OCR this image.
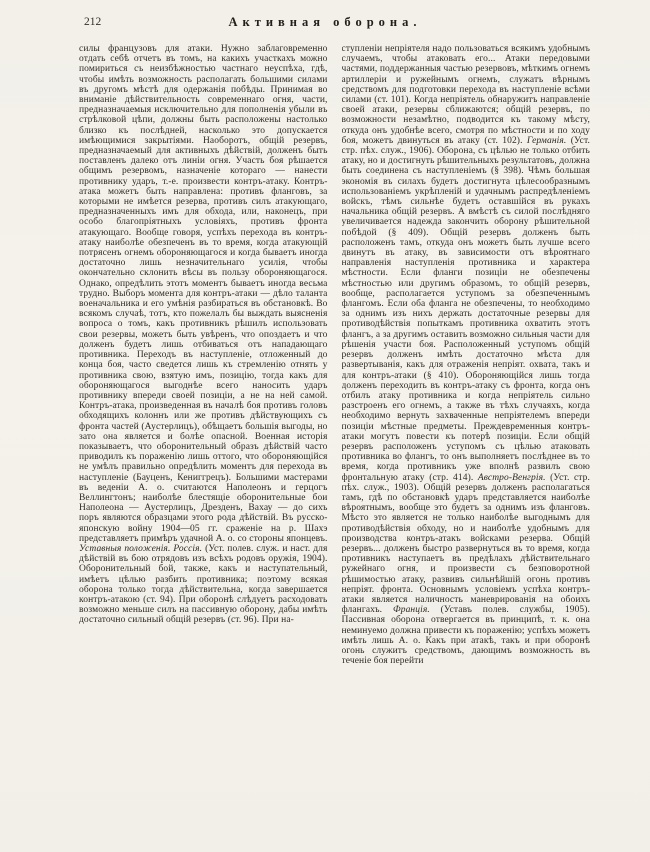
212	Активная оборона.
силы французовъ для атаки. Нужно заблаговременно отдать себѣ отчетъ въ томъ, на какихъ участкахъ можно помириться съ неизбѣжностью частнаго неуспѣха, гдѣ, чтобы имѣть возможность располагать большими силами въ другомъ мѣстѣ для одержанія побѣды. Принимая во вниманіе дѣйствительность современнаго огня, части, предназначаемыя исключительно для пополненія убыли въ стрѣлковой цѣпи, должны быть расположены настолько близко къ послѣдней, насколько это допускается имѣющимися закрытіями. Наоборотъ, общій резервъ, предназначаемый для активныхъ дѣйствій, долженъ быть поставленъ далеко отъ линіи огня. Участь боя рѣшается общимъ резервомъ, назначеніе котораго — нанести противнику ударъ, т.-е. произвести контръ-атаку. Контръ-атака можетъ быть направлена: противъ фланговъ, за которыми не имѣется резерва, противъ силъ атакующаго, предназначенныхъ имъ для обхода, или, наконецъ, при особо благопріятныхъ условіяхъ, противъ фронта атакующаго. Вообще говоря, успѣхъ перехода въ контръ-атаку наиболѣе обезпеченъ въ то время, когда атакующій потрясенъ огнемъ обороняющагося и когда бываетъ иногда достаточно лишь незначительнаго усилія, чтобы окончательно склонить вѣсы въ пользу обороняющагося. Однако, опредѣлить этотъ моментъ бываетъ иногда весьма трудно. Выборъ момента для контръ-атаки — дѣло таланта военачальника и его умѣнія разбираться въ обстановкѣ. Во всякомъ случаѣ, тотъ, кто пожелалъ бы выждать выясненія вопроса о томъ, какъ противникъ рѣшилъ использовать свои резервы, можетъ быть увѣренъ, что опоздаетъ и что долженъ будетъ лишь отбиваться отъ нападающаго противника. Переходъ въ наступленіе, отложенный до конца боя, часто сведется лишь къ стремленію отнять у противника свою, взятую имъ, позицію, тогда какъ для обороняющагося выгоднѣе всего наносить ударъ противнику впереди своей позиціи, а не на ней самой. Контръ-атака, произведенная въ началѣ боя противъ головъ обходящихъ колоннъ или же противъ дѣйствующихъ съ фронта частей (Аустерлицъ), обѣщаетъ большія выгоды, но зато она является и болѣе опасной. Военная исторія показываетъ, что оборонительный образъ дѣйствій часто приводилъ къ пораженію лишь оттого, что обороняющійся не умѣлъ правильно опредѣлить моментъ для перехода въ наступленіе (Бауценъ, Кениггрецъ). Большими мастерами въ веденіи А. о. считаются Наполеонъ и герцогъ Веллингтонъ; наиболѣе блестящіе оборонительные бои Наполеона — Аустерлицъ, Дрезденъ, Вахау — до сихъ поръ являются образцами этого рода дѣйствій. Въ русско-японскую войну 1904—05 гг. сраженіе на р. Шахэ представляетъ примѣръ удачной А. о. со стороны японцевъ. Уставныя положенія. Россія. (Уст. полев. служ. и наст. для дѣйствій въ бою отрядовъ изъ всѣхъ родовъ оружія, 1904). Оборонительный бой, также, какъ и наступательный, имѣетъ цѣлью разбить противника; поэтому всякая оборона только тогда дѣйствительна, когда завершается контръ-атакою (ст. 94). При оборонѣ слѣдуетъ расходовать возможно меньше силъ на пассивную оборону, дабы имѣть достаточно сильный общій резервъ (ст. 96). При на-
ступленіи непріятеля надо пользоваться всякимъ удобнымъ случаемъ, чтобы атаковать его... Атаки передовыми частями, поддержанныя частью резервовъ, мѣткимъ огнемъ артиллеріи и ружейнымъ огнемъ, служатъ вѣрнымъ средствомъ для подготовки перехода въ наступленіе всѣми силами (ст. 101). Когда непріятель обнаружитъ направленіе своей атаки, резервы сближаются; общій резервъ, по возможности незамѣтно, подводится къ такому мѣсту, откуда онъ удобнѣе всего, смотря по мѣстности и по ходу боя, можетъ двинуться въ атаку (ст. 102). Германія. (Уст. стр. пѣх. служ., 1906). Оборона, съ цѣлью не только отбить атаку, но и достигнуть рѣшительныхъ результатовъ, должна быть соединена съ наступленіемъ (§ 398). Чѣмъ большая экономія въ силахъ будетъ достигнута цѣлесообразнымъ использованіемъ укрѣпленій и удачнымъ распредѣленіемъ войскъ, тѣмъ сильнѣе будетъ оставшійся въ рукахъ начальника общій резервъ. А вмѣстѣ съ силой послѣдняго увеличивается надежда закончить оборону рѣшительной побѣдой (§ 409). Общій резервъ долженъ быть расположенъ тамъ, откуда онъ можетъ быть лучше всего двинутъ въ атаку, въ зависимости отъ вѣроятнаго направленія наступленія противника и характера мѣстности. Если фланги позиціи не обезпечены мѣстностью или другимъ образомъ, то общій резервъ, вообще, располагается уступомъ за обезпеченнымъ флангомъ. Если оба фланга не обезпечены, то необходимо за однимъ изъ нихъ держать достаточные резервы для противодѣйствія попыткамъ противника охватить этотъ флангъ, а за другимъ оставить возможно сильныя части для рѣшенія участи боя. Расположенный уступомъ общій резервъ долженъ имѣть достаточно мѣста для развертыванія, какъ для отраженія непріят. охвата, такъ и для контръ-атаки (§ 410). Обороняющійся лишь тогда долженъ переходить въ контръ-атаку съ фронта, когда онъ отбилъ атаку противника и когда непріятель сильно разстроенъ его огнемъ, а также въ тѣхъ случаяхъ, когда необходимо вернуть захваченные непріятелемъ впереди позиціи мѣстные предметы. Преждевременныя контръ-атаки могутъ повести къ потерѣ позиціи. Если общій резервъ расположенъ уступомъ съ цѣлью атаковать противника во флангъ, то онъ выполняетъ послѣднее въ то время, когда противникъ уже вполнѣ развилъ свою фронтальную атаку (стр. 414). Австро-Венгрія. (Уст. стр. пѣх. служ., 1903). Общій резервъ долженъ располагаться тамъ, гдѣ по обстановкѣ ударъ представляется наиболѣе вѣроятнымъ, вообще это будетъ за однимъ изъ фланговъ. Мѣсто это является не только наиболѣе выгоднымъ для противодѣйствія обходу, но и наиболѣе удобнымъ для производства контръ-атакъ войсками резерва. Общій резервъ... долженъ быстро развернуться въ то время, когда противникъ наступаетъ въ предѣлахъ дѣйствительнаго ружейнаго огня, и произвести съ безповоротной рѣшимостью атаку, развивъ сильнѣйшій огонь противъ непріят. фронта. Основнымъ условіемъ успѣха контръ-атаки является наличность маневрированія на обоихъ флангахъ. Франція. (Уставъ полев. службы, 1905). Пассивная оборона отвергается въ принципѣ, т. к. она неминуемо должна привести къ пораженію; успѣхъ можетъ имѣть лишь А. о. Какъ при атакѣ, такъ и при оборонѣ огонь служитъ средствомъ, дающимъ возможность въ теченіе боя перейти
